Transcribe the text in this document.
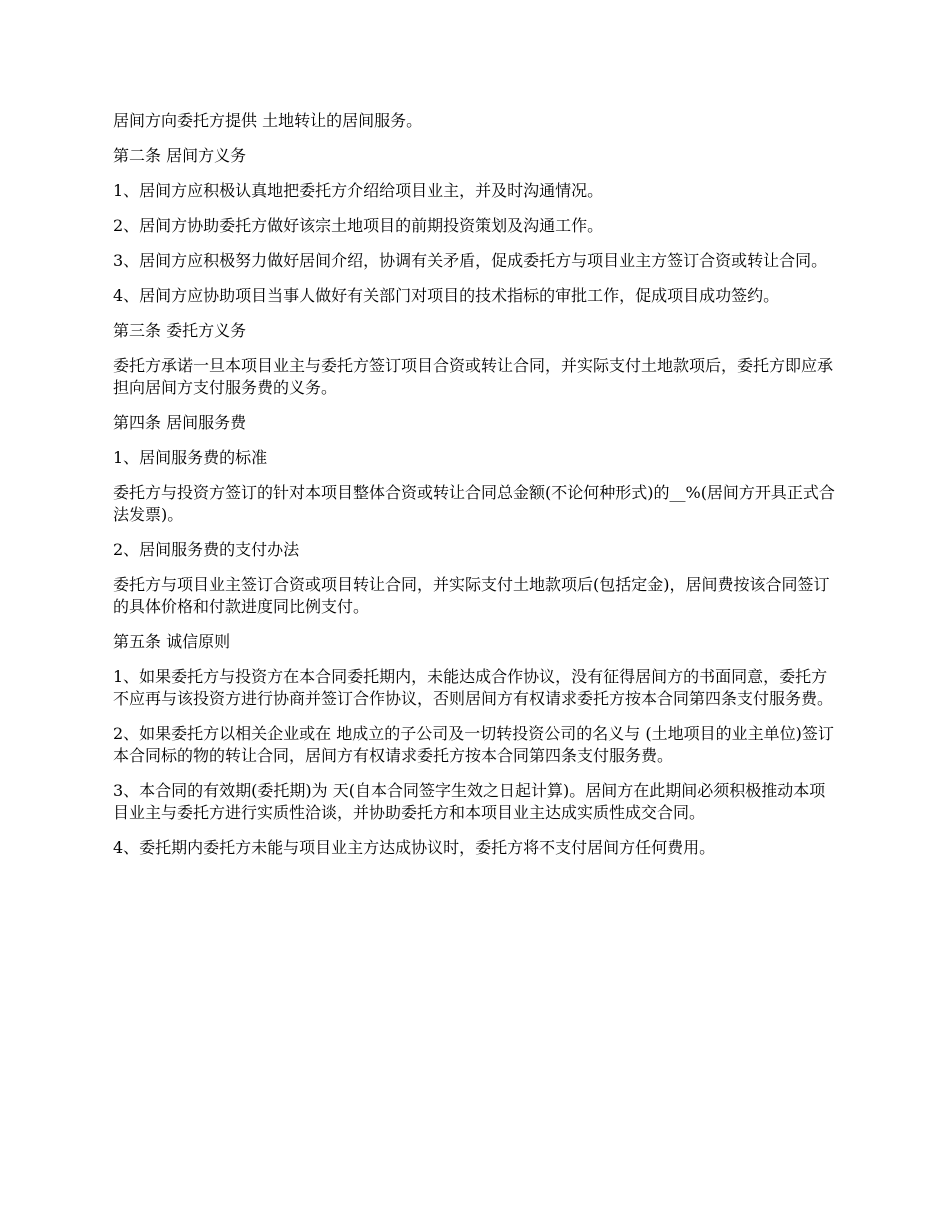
居间方向委托方提供 土地转让的居间服务。

第二条 居间方义务

1、居间方应积极认真地把委托方介绍给项目业主，并及时沟通情况。

2、居间方协助委托方做好该宗土地项目的前期投资策划及沟通工作。

3、居间方应积极努力做好居间介绍，协调有关矛盾，促成委托方与项目业主方签订合资或转让合同。

4、居间方应协助项目当事人做好有关部门对项目的技术指标的审批工作，促成项目成功签约。

第三条 委托方义务

委托方承诺一旦本项目业主与委托方签订项目合资或转让合同，并实际支付土地款项后，委托方即应承担向居间方支付服务费的义务。

第四条 居间服务费

1、居间服务费的标准

委托方与投资方签订的针对本项目整体合资或转让合同总金额(不论何种形式)的__%(居间方开具正式合法发票)。

2、居间服务费的支付办法

委托方与项目业主签订合资或项目转让合同，并实际支付土地款项后(包括定金)，居间费按该合同签订的具体价格和付款进度同比例支付。

第五条 诚信原则

1、如果委托方与投资方在本合同委托期内，未能达成合作协议，没有征得居间方的书面同意，委托方不应再与该投资方进行协商并签订合作协议，否则居间方有权请求委托方按本合同第四条支付服务费。

2、如果委托方以相关企业或在 地成立的子公司及一切转投资公司的名义与 (土地项目的业主单位)签订本合同标的物的转让合同，居间方有权请求委托方按本合同第四条支付服务费。

3、本合同的有效期(委托期)为 天(自本合同签字生效之日起计算)。居间方在此期间必须积极推动本项目业主与委托方进行实质性洽谈，并协助委托方和本项目业主达成实质性成交合同。

4、委托期内委托方未能与项目业主方达成协议时，委托方将不支付居间方任何费用。
